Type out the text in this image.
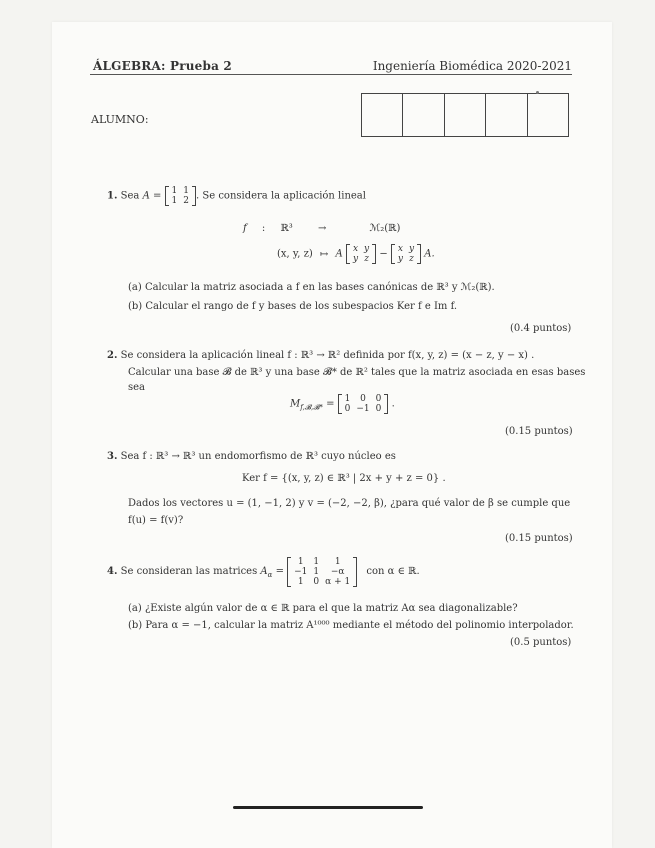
ÁLGEBRA: Prueba 2	Ingeniería Biomédica 2020-2021
ALUMNO:
1. Sea A = 1	1
1	2 . Se considera la aplicación lineal
f : ℝ³	→	ℳ₂(ℝ)
(x, y, z) ↦ A x	y
y	z − x	y
y	z A.
(a) Calcular la matriz asociada a f en las bases canónicas de ℝ³ y ℳ₂(ℝ).
(b) Calcular el rango de f y bases de los subespacios Ker f e Im f.
(0.4 puntos)
2. Se considera la aplicación lineal f : ℝ³ → ℝ² definida por f(x, y, z) = (x − z, y − x) .
Calcular una base 𝓑 de ℝ³ y una base 𝓑* de ℝ² tales que la matriz asociada en esas bases
sea
$M_{f,𝓑,𝓑*} = 1$	0	0
0	−1	0 .
(0.15 puntos)
3. Sea f : ℝ³ → ℝ³ un endomorfismo de ℝ³ cuyo núcleo es
Ker f = {(x, y, z) ∈ ℝ³ | 2x + y + z = 0} .
Dados los vectores u = (1, −1, 2) y v = (−2, −2, β), ¿para qué valor de β se cumple que
f(u) = f(v)?
(0.15 puntos)
4. Se consideran las matrices $A_\alpha$ =
1	1	1
−1	1	−α
1	0	α + 1
con α ∈ ℝ.
(a) ¿Existe algún valor de α ∈ ℝ para el que la matriz Aα sea diagonalizable?
(b) Para α = −1, calcular la matriz A¹⁰⁰⁰ mediante el método del polinomio interpolador.
(0.5 puntos)
